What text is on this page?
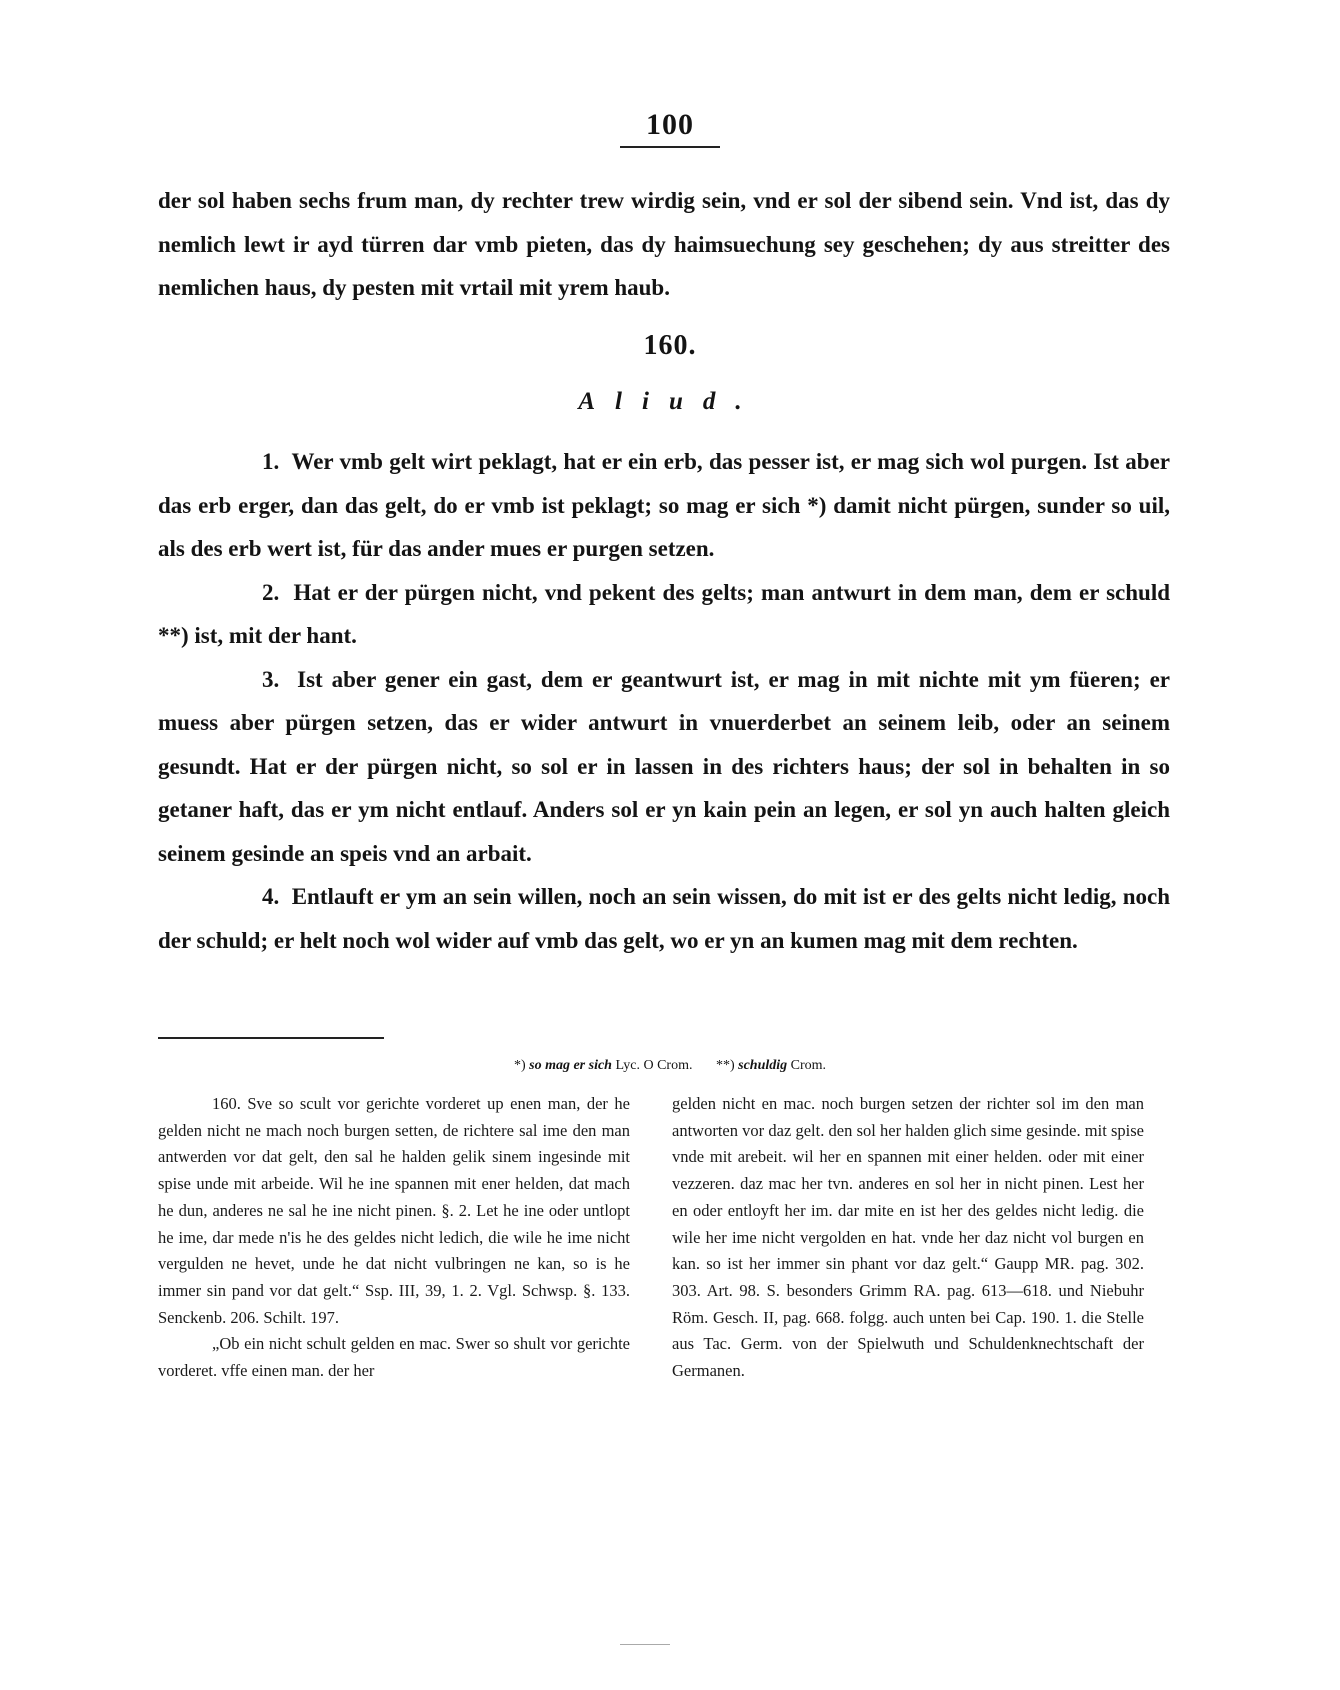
100

der sol haben sechs frum man, dy rechter trew wirdig sein, vnd er sol der sibend sein. Vnd ist, das dy nemlich lewt ir ayd türren dar vmb pieten, das dy haimsuechung sey geschehen; dy aus streitter des nemlichen haus, dy pesten mit vrtail mit yrem haub.

160.
Aliud.

1. Wer vmb gelt wirt peklagt, hat er ein erb, das pesser ist, er mag sich wol purgen. Ist aber das erb erger, dan das gelt, do er vmb ist peklagt; so mag er sich *) damit nicht pürgen, sunder so uil, als des erb wert ist, für das ander mues er purgen setzen.

2. Hat er der pürgen nicht, vnd pekent des gelts; man antwurt in dem man, dem er schuld **) ist, mit der hant.

3. Ist aber gener ein gast, dem er geantwurt ist, er mag in mit nichte mit ym füeren; er muess aber pürgen setzen, das er wider antwurt in vnuerderbet an seinem leib, oder an seinem gesundt. Hat er der pürgen nicht, so sol er in lassen in des richters haus; der sol in behalten in so getaner haft, das er ym nicht entlauf. Anders sol er yn kain pein an legen, er sol yn auch halten gleich seinem gesinde an speis vnd an arbait.

4. Entlauft er ym an sein willen, noch an sein wissen, do mit ist er des gelts nicht ledig, noch der schuld; er helt noch wol wider auf vmb das gelt, wo er yn an kumen mag mit dem rechten.

*) so mag er sich Lyc. O Crom. **) schuldig Crom.

160. Sve so scult vor gerichte vorderet up enen man, der he gelden nicht ne mach noch burgen setten, de richtere sal ime den man antwerden vor dat gelt, den sal he halden gelik sinem ingesinde mit spise unde mit arbeide. Wil he ine spannen mit ener helden, dat mach he dun, anderes ne sal he ine nicht pinen. §. 2. Let he ine oder untlopt he ime, dar mede n'is he des geldes nicht ledich, die wile he ime nicht vergulden ne hevet, unde he dat nicht vulbringen ne kan, so is he immer sin pand vor dat gelt.“ Ssp. III, 39, 1. 2. Vgl. Schwsp. §. 133. Senckenb. 206. Schilt. 197.

„Ob ein nicht schult gelden en mac. Swer so shult vor gerichte vorderet. vffe einen man. der her

gelden nicht en mac. noch burgen setzen der richter sol im den man antworten vor daz gelt. den sol her halden glich sime gesinde. mit spise vnde mit arebeit. wil her en spannen mit einer helden. oder mit einer vezzeren. daz mac her tvn. anderes en sol her in nicht pinen. Lest her en oder entloyft her im. dar mite en ist her des geldes nicht ledig. die wile her ime nicht vergolden en hat. vnde her daz nicht vol burgen en kan. so ist her immer sin phant vor daz gelt.“ Gaupp MR. pag. 302. 303. Art. 98. S. besonders Grimm RA. pag. 613—618. und Niebuhr Röm. Gesch. II, pag. 668. folgg. auch unten bei Cap. 190. 1. die Stelle aus Tac. Germ. von der Spielwuth und Schuldenknechtschaft der Germanen.
